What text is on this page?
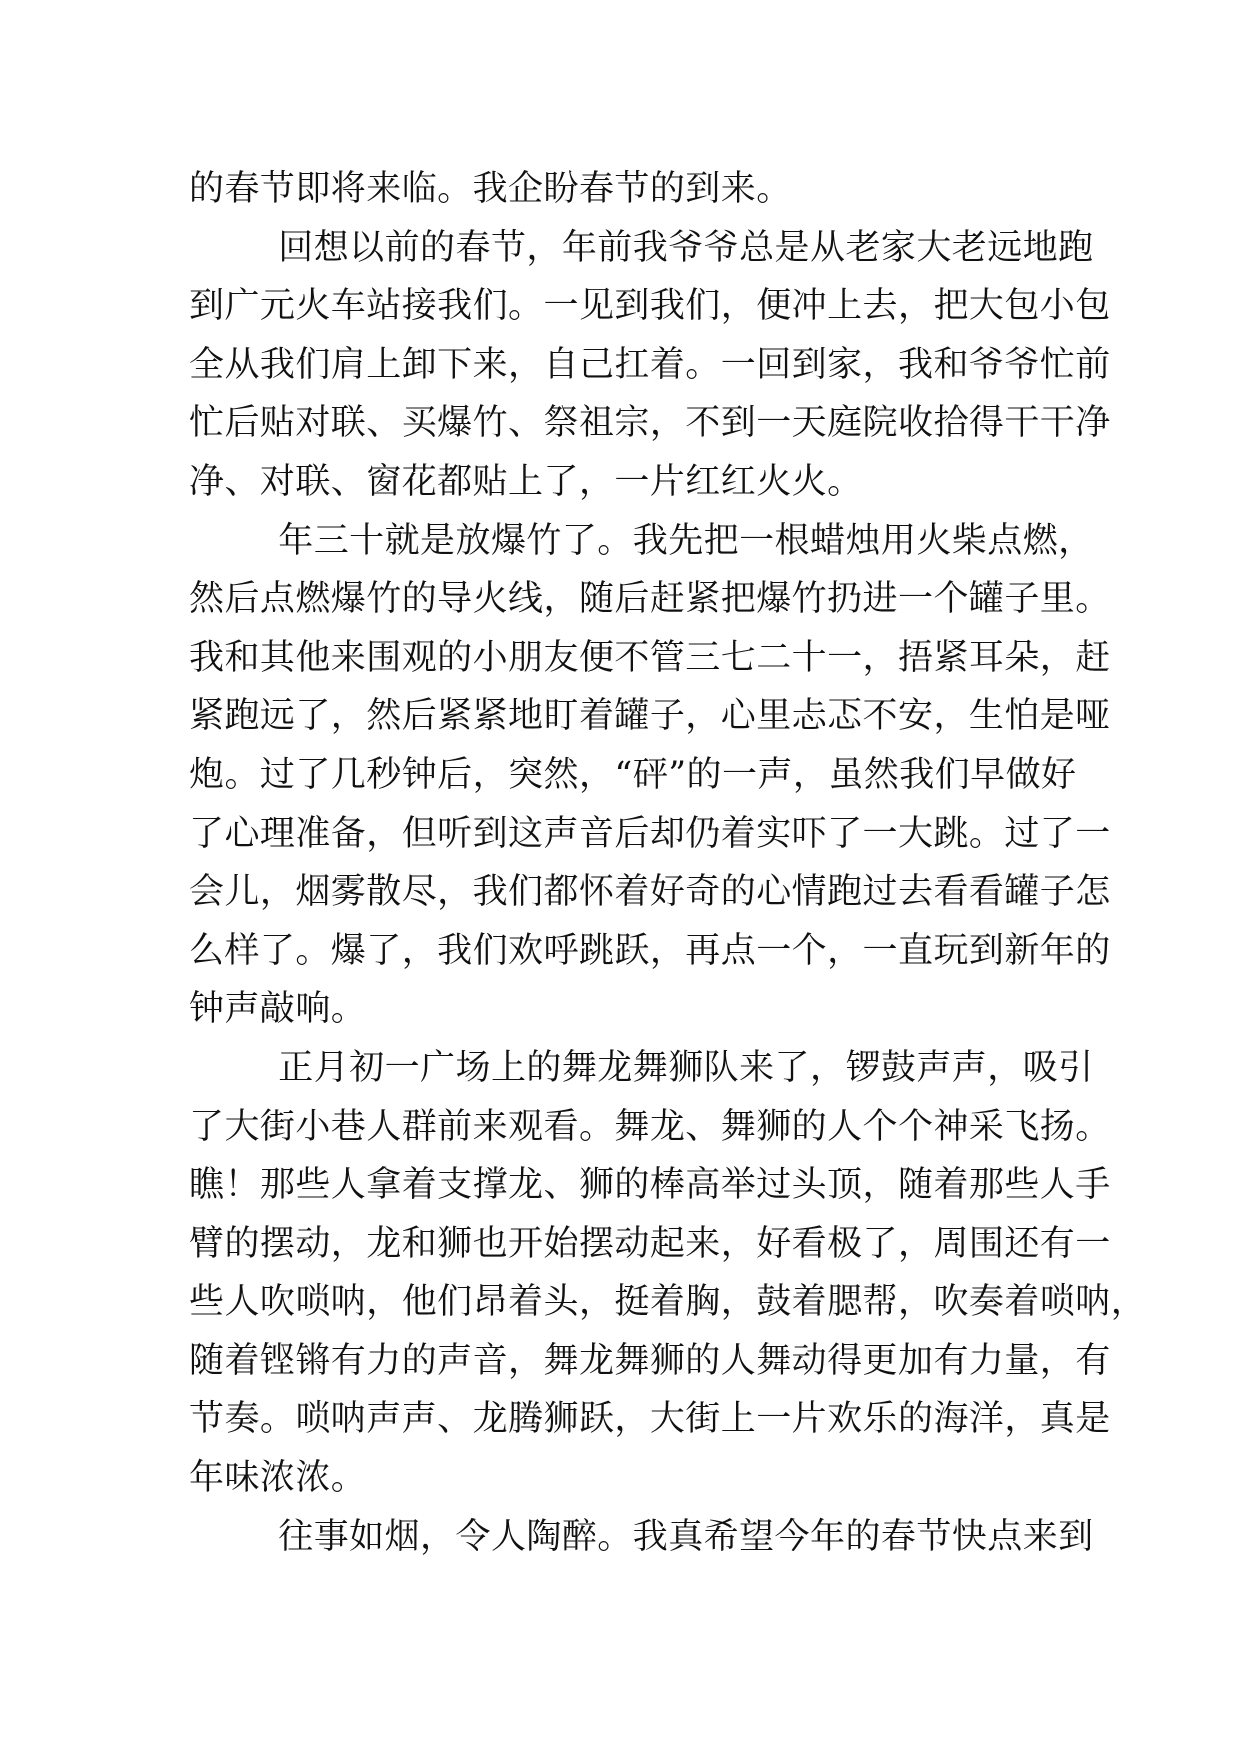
的春节即将来临。我企盼春节的到来。
回想以前的春节，年前我爷爷总是从老家大老远地跑
到广元火车站接我们。一见到我们，便冲上去，把大包小包
全从我们肩上卸下来，自己扛着。一回到家，我和爷爷忙前
忙后贴对联、买爆竹、祭祖宗，不到一天庭院收拾得干干净
净、对联、窗花都贴上了，一片红红火火。
年三十就是放爆竹了。我先把一根蜡烛用火柴点燃，
然后点燃爆竹的导火线，随后赶紧把爆竹扔进一个罐子里。
我和其他来围观的小朋友便不管三七二十一，捂紧耳朵，赶
紧跑远了，然后紧紧地盯着罐子，心里忐忑不安，生怕是哑
炮。过了几秒钟后，突然，“砰”的一声，虽然我们早做好
了心理准备，但听到这声音后却仍着实吓了一大跳。过了一
会儿，烟雾散尽，我们都怀着好奇的心情跑过去看看罐子怎
么样了。爆了，我们欢呼跳跃，再点一个，一直玩到新年的
钟声敲响。
正月初一广场上的舞龙舞狮队来了，锣鼓声声，吸引
了大街小巷人群前来观看。舞龙、舞狮的人个个神采飞扬。
瞧！那些人拿着支撑龙、狮的棒高举过头顶，随着那些人手
臂的摆动，龙和狮也开始摆动起来，好看极了，周围还有一
些人吹唢呐，他们昂着头，挺着胸，鼓着腮帮，吹奏着唢呐，
随着铿锵有力的声音，舞龙舞狮的人舞动得更加有力量，有
节奏。唢呐声声、龙腾狮跃，大街上一片欢乐的海洋，真是
年味浓浓。
往事如烟，令人陶醉。我真希望今年的春节快点来到
